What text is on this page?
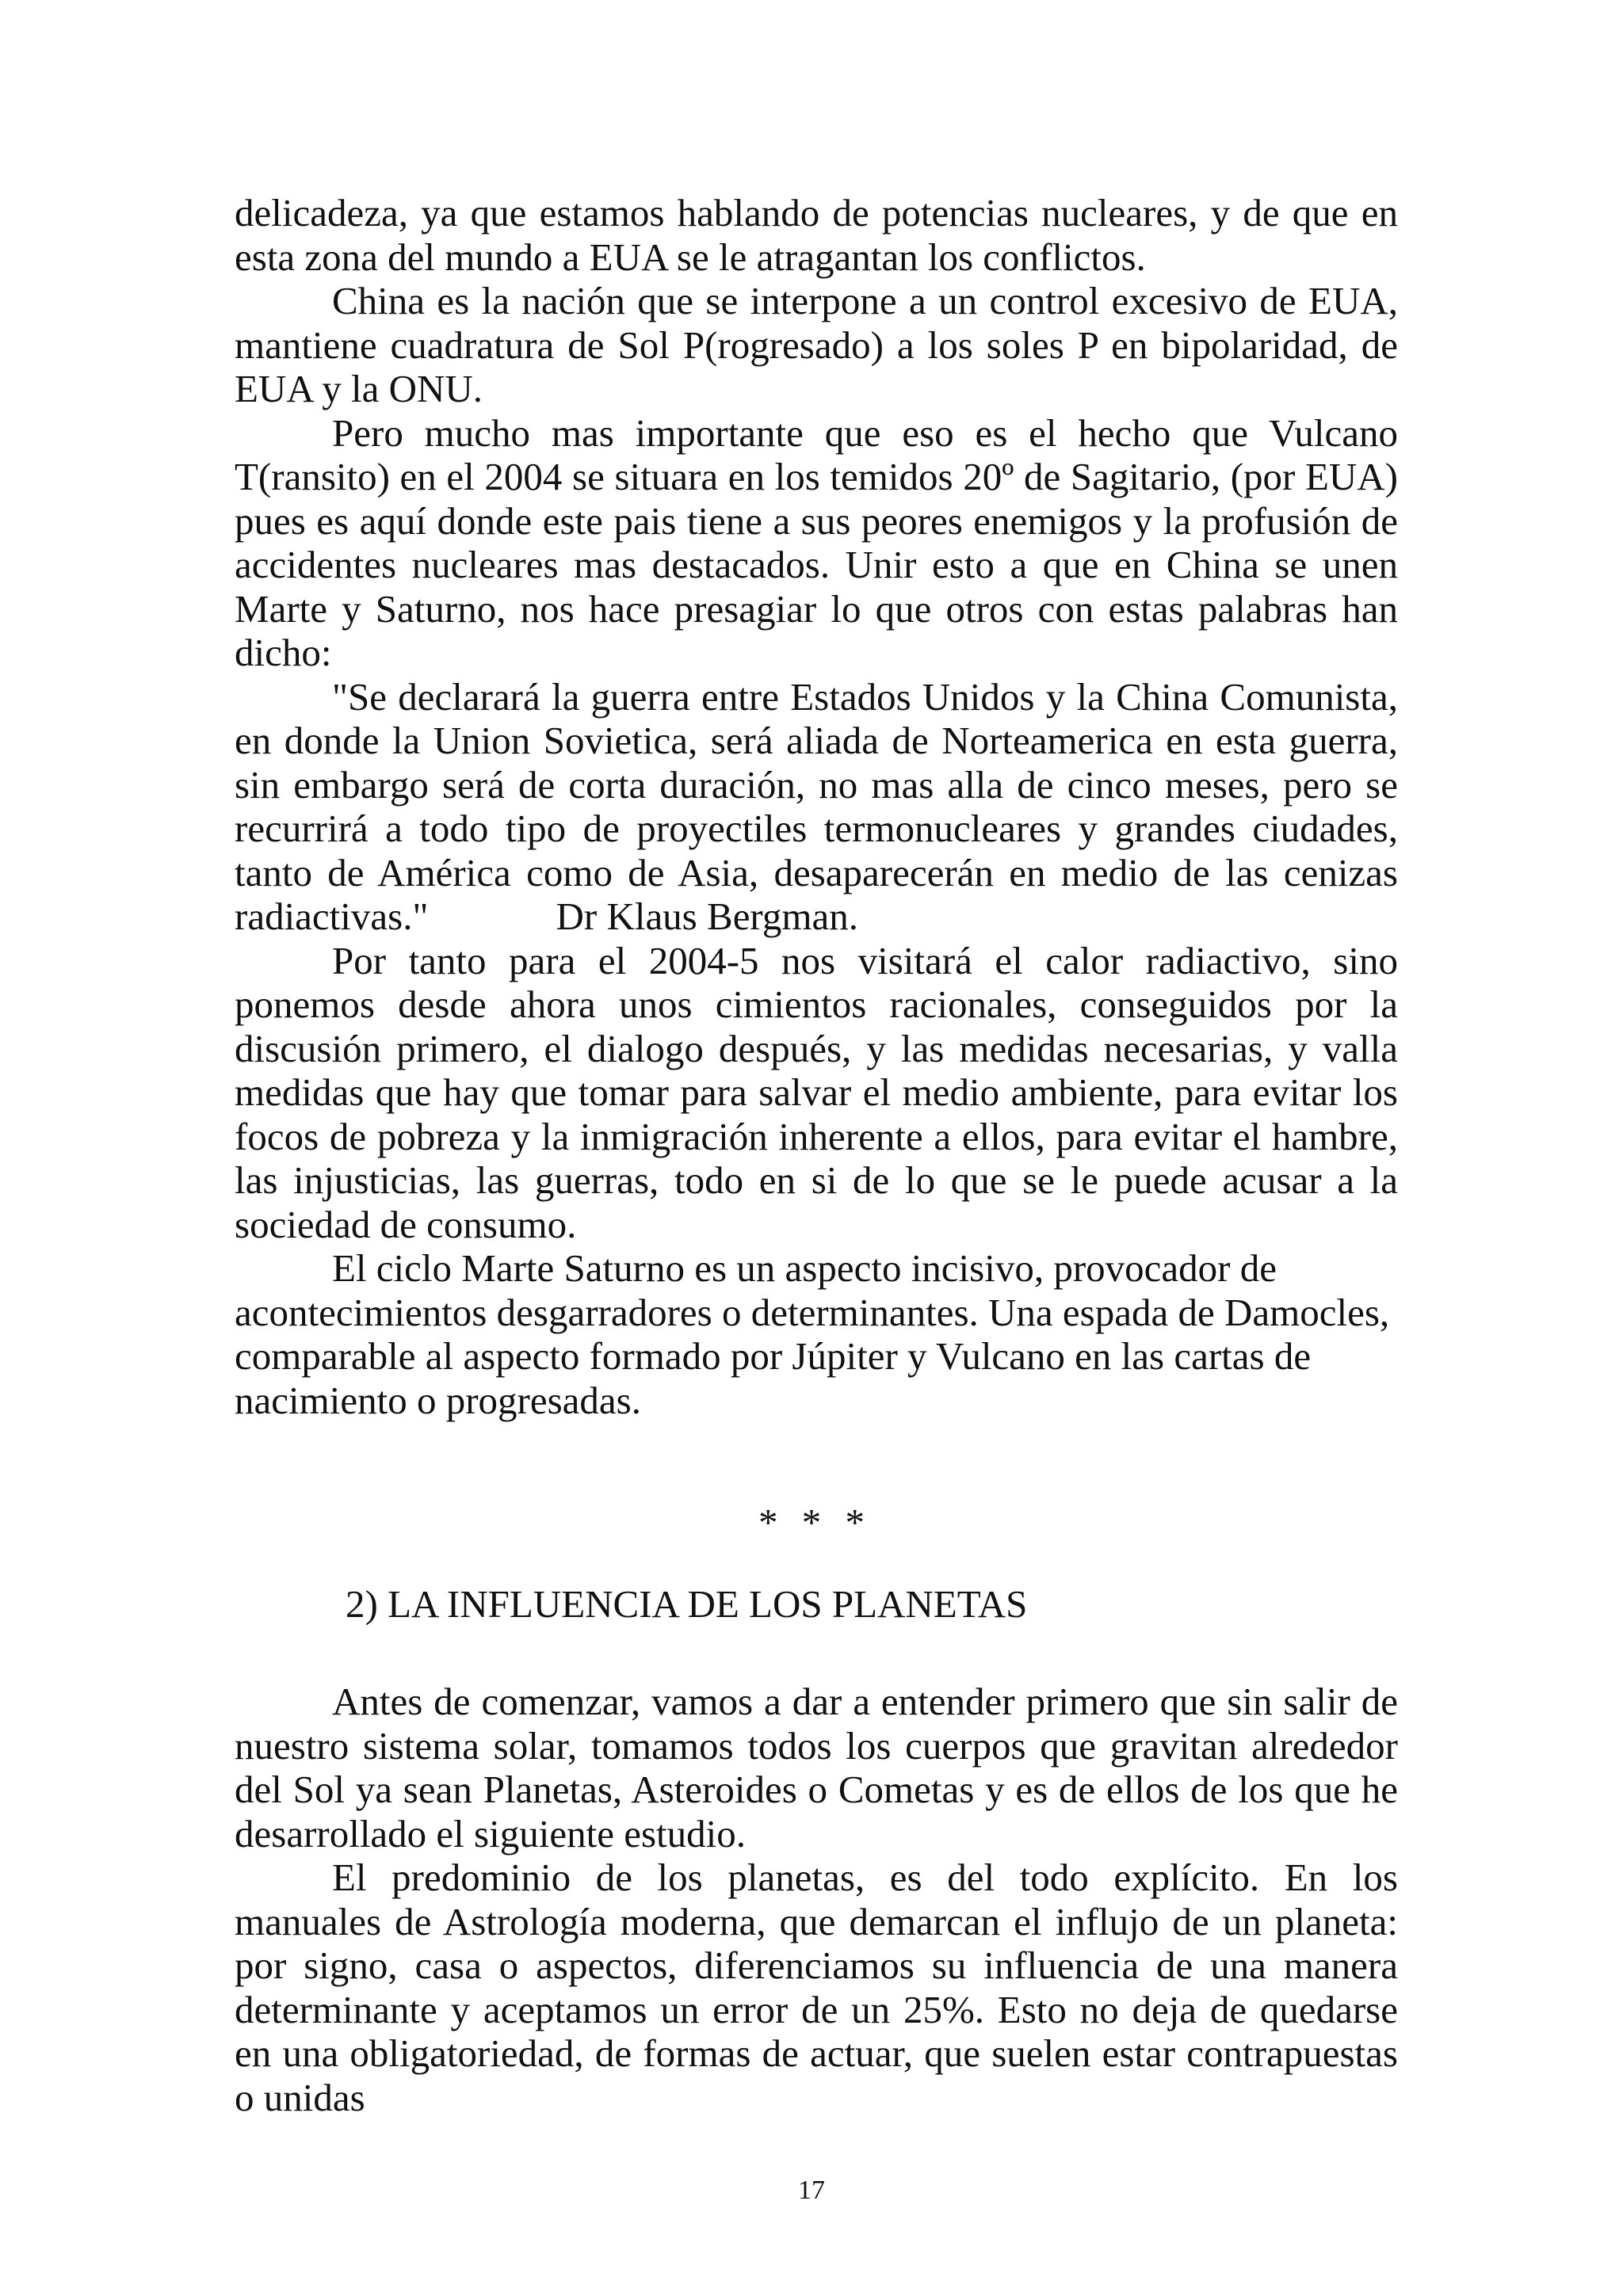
delicadeza, ya que estamos hablando de potencias nucleares, y de que en esta zona del mundo a EUA se le atragantan los conflictos.

China es la nación que se interpone a un control excesivo de EUA, mantiene cuadratura de Sol P(rogresado) a los soles P en bipolaridad, de EUA y la ONU.

Pero mucho mas importante que eso es el hecho que Vulcano T(ransito) en el 2004 se situara en los temidos 20º de Sagitario, (por EUA) pues es aquí donde este pais tiene a sus peores enemigos y la profusión de accidentes nucleares mas destacados. Unir esto a que en China se unen Marte y Saturno, nos hace presagiar lo que otros con estas palabras han dicho:

"Se declarará la guerra entre Estados Unidos y la China Comunista, en donde la Union Sovietica, será aliada de Norteamerica en esta guerra, sin embargo será de corta duración, no mas alla de cinco meses, pero se recurrirá a todo tipo de proyectiles termonucleares y grandes ciudades, tanto de América como de Asia, desaparecerán en medio de las cenizas radiactivas."	Dr Klaus Bergman.

Por tanto para el 2004-5 nos visitará el calor radiactivo, sino ponemos desde ahora unos cimientos racionales, conseguidos por la discusión primero, el dialogo después, y las medidas necesarias, y valla medidas que hay que tomar para salvar el medio ambiente, para evitar los focos de pobreza y la inmigración inherente a ellos, para evitar el hambre, las injusticias, las guerras, todo en si de lo que se le puede acusar a la sociedad de consumo.

El ciclo Marte Saturno es un aspecto incisivo, provocador de acontecimientos desgarradores o determinantes. Una espada de Damocles, comparable al aspecto formado por Júpiter y Vulcano en las cartas de nacimiento o progresadas.

* * *
2) LA INFLUENCIA DE LOS PLANETAS

Antes de comenzar, vamos a dar a entender primero que sin salir de nuestro sistema solar, tomamos todos los cuerpos que gravitan alrededor del Sol ya sean Planetas, Asteroides o Cometas y es de ellos de los que he desarrollado el siguiente estudio.

El predominio de los planetas, es del todo explícito. En los manuales de Astrología moderna, que demarcan el influjo de un planeta: por signo, casa o aspectos, diferenciamos su influencia de una manera determinante y aceptamos un error de un 25%. Esto no deja de quedarse en una obligatoriedad, de formas de actuar, que suelen estar contrapuestas o unidas

17
